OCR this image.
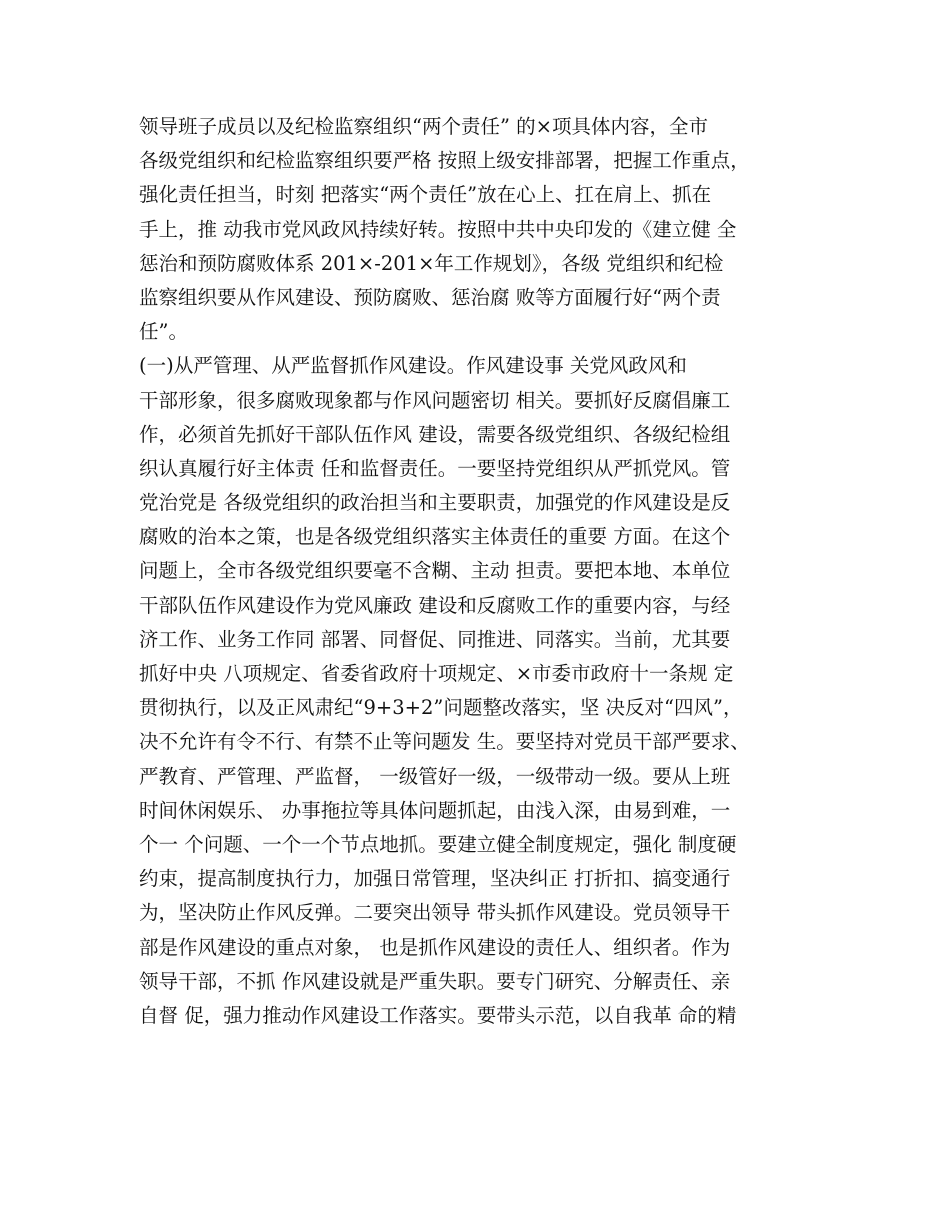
领导班子成员以及纪检监察组织“两个责任” 的×项具体内容，全市
各级党组织和纪检监察组织要严格 按照上级安排部署，把握工作重点，
强化责任担当，时刻 把落实“两个责任”放在心上、扛在肩上、抓在
手上，推 动我市党风政风持续好转。按照中共中央印发的《建立健 全
惩治和预防腐败体系 201×-201×年工作规划》，各级 党组织和纪检
监察组织要从作风建设、预防腐败、惩治腐 败等方面履行好“两个责
任”。
(一)从严管理、从严监督抓作风建设。作风建设事 关党风政风和
干部形象，很多腐败现象都与作风问题密切 相关。要抓好反腐倡廉工
作，必须首先抓好干部队伍作风 建设，需要各级党组织、各级纪检组
织认真履行好主体责 任和监督责任。一要坚持党组织从严抓党风。管
党治党是 各级党组织的政治担当和主要职责，加强党的作风建设是反
腐败的治本之策，也是各级党组织落实主体责任的重要 方面。在这个
问题上，全市各级党组织要毫不含糊、主动 担责。要把本地、本单位
干部队伍作风建设作为党风廉政 建设和反腐败工作的重要内容，与经
济工作、业务工作同 部署、同督促、同推进、同落实。当前，尤其要
抓好中央 八项规定、省委省政府十项规定、×市委市政府十一条规 定
贯彻执行，以及正风肃纪“9+3+2”问题整改落实，坚 决反对“四风”，
决不允许有令不行、有禁不止等问题发 生。要坚持对党员干部严要求、
严教育、严管理、严监督， 一级管好一级，一级带动一级。要从上班
时间休闲娱乐、 办事拖拉等具体问题抓起，由浅入深，由易到难，一
个一 个问题、一个一个节点地抓。要建立健全制度规定，强化 制度硬
约束，提高制度执行力，加强日常管理，坚决纠正 打折扣、搞变通行
为，坚决防止作风反弹。二要突出领导 带头抓作风建设。党员领导干
部是作风建设的重点对象， 也是抓作风建设的责任人、组织者。作为
领导干部，不抓 作风建设就是严重失职。要专门研究、分解责任、亲
自督 促，强力推动作风建设工作落实。要带头示范，以自我革 命的精
